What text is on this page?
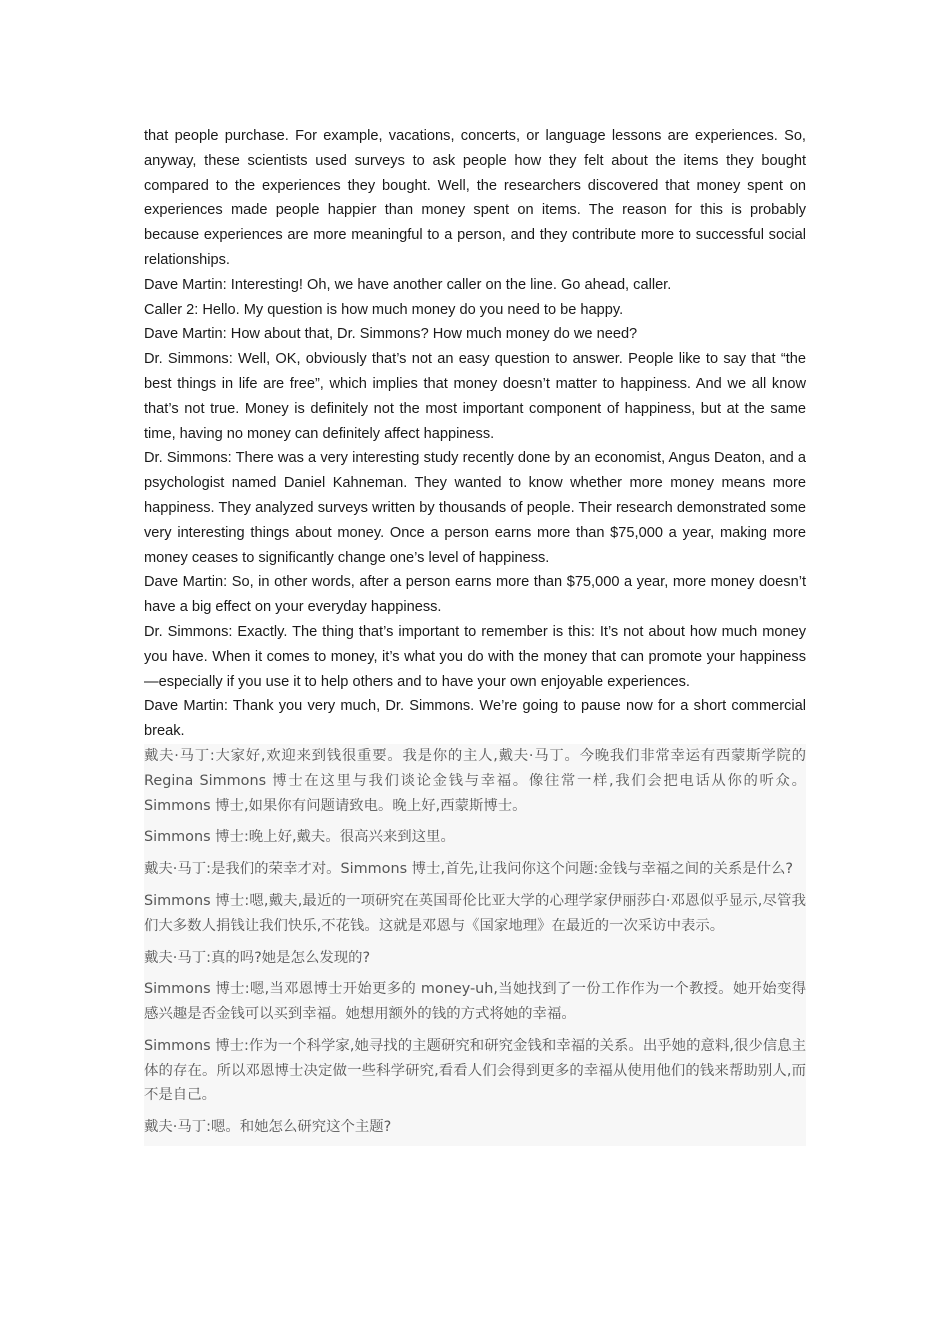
that people purchase. For example, vacations, concerts, or language lessons are experiences. So, anyway, these scientists used surveys to ask people how they felt about the items they bought compared to the experiences they bought. Well, the researchers discovered that money spent on experiences made people happier than money spent on items. The reason for this is probably because experiences are more meaningful to a person, and they contribute more to successful social relationships.

Dave Martin: Interesting! Oh, we have another caller on the line. Go ahead, caller.

Caller 2: Hello. My question is how much money do you need to be happy.

Dave Martin: How about that, Dr. Simmons? How much money do we need?

Dr. Simmons: Well, OK, obviously that’s not an easy question to answer. People like to say that “the best things in life are free”, which implies that money doesn’t matter to happiness. And we all know that’s not true. Money is definitely not the most important component of happiness, but at the same time, having no money can definitely affect happiness.

Dr. Simmons: There was a very interesting study recently done by an economist, Angus Deaton, and a psychologist named Daniel Kahneman. They wanted to know whether more money means more happiness. They analyzed surveys written by thousands of people. Their research demonstrated some very interesting things about money. Once a person earns more than $75,000 a year, making more money ceases to significantly change one’s level of happiness.

Dave Martin: So, in other words, after a person earns more than $75,000 a year, more money doesn’t have a big effect on your everyday happiness.

Dr. Simmons: Exactly. The thing that’s important to remember is this: It’s not about how much money you have. When it comes to money, it’s what you do with the money that can promote your happiness—especially if you use it to help others and to have your own enjoyable experiences.

Dave Martin: Thank you very much, Dr. Simmons. We’re going to pause now for a short commercial break.

戴夫·马丁:大家好,欢迎来到钱很重要。我是你的主人,戴夫·马丁。今晚我们非常幸运有西蒙斯学院的 Regina Simmons 博士在这里与我们谈论金钱与幸福。像往常一样,我们会把电话从你的听众。Simmons 博士,如果你有问题请致电。晚上好,西蒙斯博士。

Simmons 博士:晚上好,戴夫。很高兴来到这里。

戴夫·马丁:是我们的荣幸才对。Simmons 博士,首先,让我问你这个问题:金钱与幸福之间的关系是什么?

Simmons 博士:嗯,戴夫,最近的一项研究在英国哥伦比亚大学的心理学家伊丽莎白·邓恩似乎显示,尽管我们大多数人捐钱让我们快乐,不花钱。这就是邓恩与《国家地理》在最近的一次采访中表示。

戴夫·马丁:真的吗?她是怎么发现的?

Simmons 博士:嗯,当邓恩博士开始更多的 money-uh,当她找到了一份工作作为一个教授。她开始变得感兴趣是否金钱可以买到幸福。她想用额外的钱的方式将她的幸福。

Simmons 博士:作为一个科学家,她寻找的主题研究和研究金钱和幸福的关系。出乎她的意料,很少信息主体的存在。所以邓恩博士决定做一些科学研究,看看人们会得到更多的幸福从使用他们的钱来帮助别人,而不是自己。

戴夫·马丁:嗯。和她怎么研究这个主题?
